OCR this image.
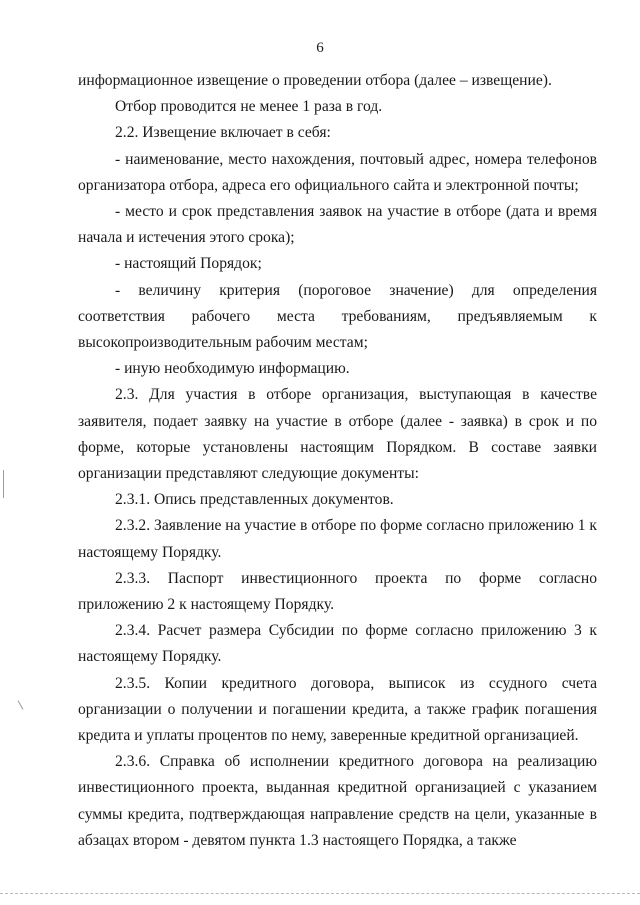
6

информационное извещение о проведении отбора (далее – извещение).

Отбор проводится не менее 1 раза в год.

2.2. Извещение включает в себя:

- наименование, место нахождения, почтовый адрес, номера телефонов организатора отбора, адреса его официального сайта и электронной почты;

- место и срок представления заявок на участие в отборе (дата и время начала и истечения этого срока);

- настоящий Порядок;

- величину критерия (пороговое значение) для определения соответствия рабочего места требованиям, предъявляемым к высокопроизводительным рабочим местам;

- иную необходимую информацию.

2.3. Для участия в отборе организация, выступающая в качестве заявителя, подает заявку на участие в отборе (далее - заявка) в срок и по форме, которые установлены настоящим Порядком. В составе заявки организации представляют следующие документы:

2.3.1. Опись представленных документов.

2.3.2. Заявление на участие в отборе по форме согласно приложению 1 к настоящему Порядку.

2.3.3. Паспорт инвестиционного проекта по форме согласно приложению 2 к настоящему Порядку.

2.3.4. Расчет размера Субсидии по форме согласно приложению 3 к настоящему Порядку.

2.3.5. Копии кредитного договора, выписок из ссудного счета организации о получении и погашении кредита, а также график погашения кредита и уплаты процентов по нему, заверенные кредитной организацией.

2.3.6. Справка об исполнении кредитного договора на реализацию инвестиционного проекта, выданная кредитной организацией с указанием суммы кредита, подтверждающая направление средств на цели, указанные в абзацах втором - девятом пункта 1.3 настоящего Порядка, а также
